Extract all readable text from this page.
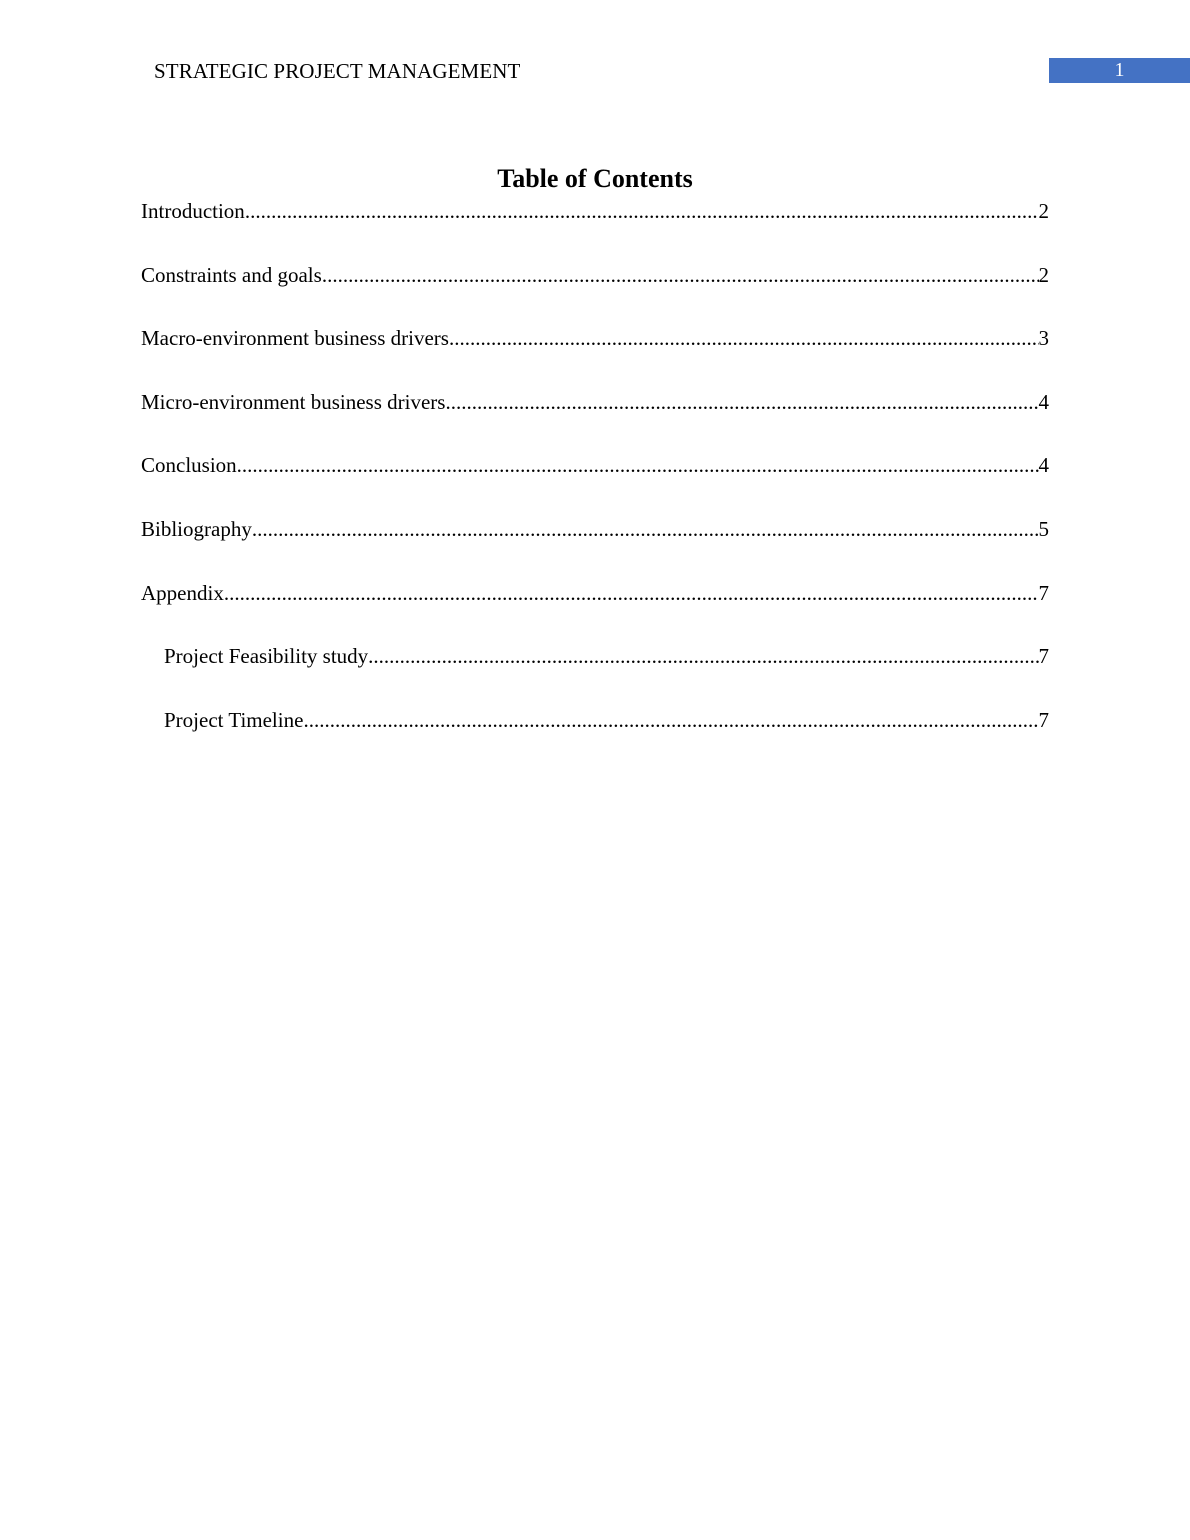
STRATEGIC PROJECT MANAGEMENT	1
Table of Contents
Introduction .....	2
Constraints and goals .....	2
Macro-environment business drivers .....	3
Micro-environment business drivers .....	4
Conclusion .....	4
Bibliography .....	5
Appendix .....	7
Project Feasibility study .....	7
Project Timeline .....	7
